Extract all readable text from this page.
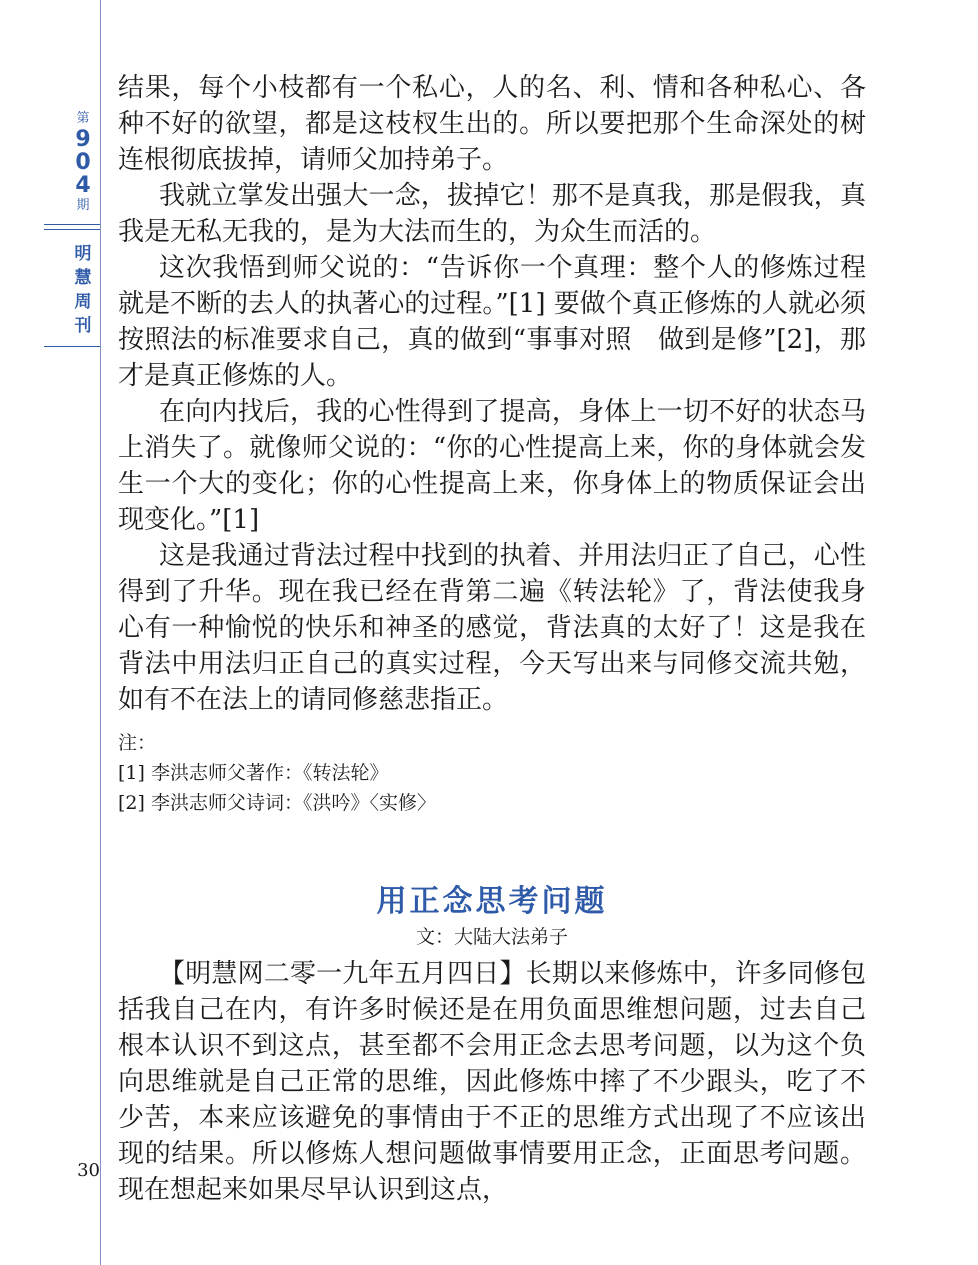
第
9
0
4
期
明
慧
周
刊
30

结果，每个小枝都有一个私心，人的名、利、情和各种私心、各种不好的欲望，都是这枝杈生出的。所以要把那个生命深处的树连根彻底拔掉，请师父加持弟子。

我就立掌发出强大一念，拔掉它！那不是真我，那是假我，真我是无私无我的，是为大法而生的，为众生而活的。

这次我悟到师父说的：“告诉你一个真理：整个人的修炼过程就是不断的去人的执著心的过程。”[1] 要做个真正修炼的人就必须按照法的标准要求自己，真的做到“事事对照　做到是修”[2]，那才是真正修炼的人。

在向内找后，我的心性得到了提高，身体上一切不好的状态马上消失了。就像师父说的：“你的心性提高上来，你的身体就会发生一个大的变化；你的心性提高上来，你身体上的物质保证会出现变化。”[1]

这是我通过背法过程中找到的执着、并用法归正了自己，心性得到了升华。现在我已经在背第二遍《转法轮》了，背法使我身心有一种愉悦的快乐和神圣的感觉，背法真的太好了！这是我在背法中用法归正自己的真实过程，今天写出来与同修交流共勉，如有不在法上的请同修慈悲指正。

注：

[1] 李洪志师父著作：《转法轮》

[2] 李洪志师父诗词：《洪吟》〈实修〉

用正念思考问题
文：大陆大法弟子

【明慧网二零一九年五月四日】长期以来修炼中，许多同修包括我自己在内，有许多时候还是在用负面思维想问题，过去自己根本认识不到这点，甚至都不会用正念去思考问题，以为这个负向思维就是自己正常的思维，因此修炼中摔了不少跟头，吃了不少苦，本来应该避免的事情由于不正的思维方式出现了不应该出现的结果。所以修炼人想问题做事情要用正念，正面思考问题。现在想起来如果尽早认识到这点，
